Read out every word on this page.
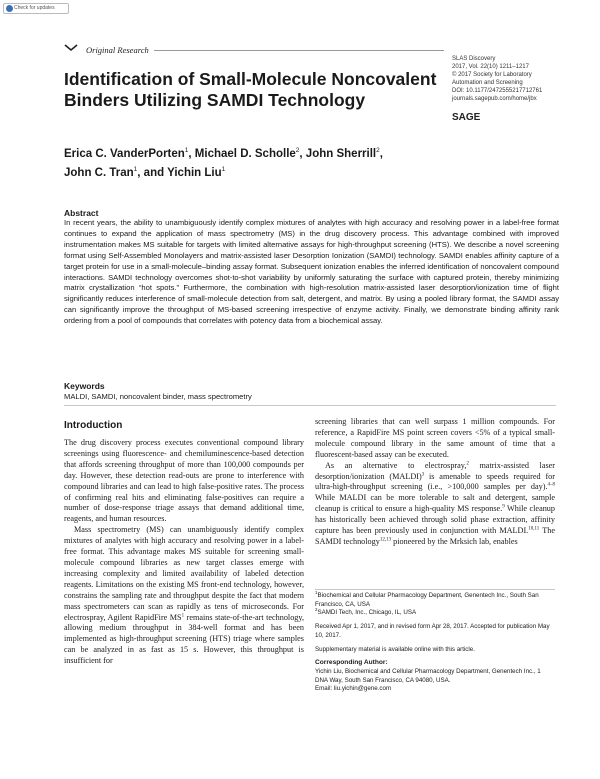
Check for updates
Original Research
Identification of Small-Molecule Noncovalent Binders Utilizing SAMDI Technology
SLAS Discovery
2017, Vol. 22(10) 1211–1217
© 2017 Society for Laboratory
Automation and Screening
DOI: 10.1177/2472555217712761
journals.sagepub.com/home/jbx
SAGE
Erica C. VanderPorten$^1$, Michael D. Scholle$^2$, John Sherrill$^2$,
John C. Tran$^1$, and Yichin Liu$^1$
Abstract
In recent years, the ability to unambiguously identify complex mixtures of analytes with high accuracy and resolving power in a label-free format continues to expand the application of mass spectrometry (MS) in the drug discovery process. This advantage combined with improved instrumentation makes MS suitable for targets with limited alternative assays for high-throughput screening (HTS). We describe a novel screening format using Self-Assembled Monolayers and matrix-assisted laser Desorption Ionization (SAMDI) technology. SAMDI enables affinity capture of a target protein for use in a small-molecule–binding assay format. Subsequent ionization enables the inferred identification of noncovalent compound interactions. SAMDI technology overcomes shot-to-shot variability by uniformly saturating the surface with captured protein, thereby minimizing matrix crystallization “hot spots.” Furthermore, the combination with high-resolution matrix-assisted laser desorption/ionization time of flight significantly reduces interference of small-molecule detection from salt, detergent, and matrix. By using a pooled library format, the SAMDI assay can significantly improve the throughput of MS-based screening irrespective of enzyme activity. Finally, we demonstrate binding affinity rank ordering from a pool of compounds that correlates with potency data from a biochemical assay.
Keywords
MALDI, SAMDI, noncovalent binder, mass spectrometry
Introduction

The drug discovery process executes conventional compound library screenings using fluorescence- and chemiluminescence-based detection that affords screening throughput of more than 100,000 compounds per day. However, these detection read-outs are prone to interference with compound libraries and can lead to high false-positive rates. The process of confirming real hits and eliminating false-positives can require a number of dose-response triage assays that demand additional time, reagents, and human resources.

Mass spectrometry (MS) can unambiguously identify complex mixtures of analytes with high accuracy and resolving power in a label-free format. This advantage makes MS suitable for screening small-molecule compound libraries as new target classes emerge with increasing complexity and limited availability of labeled detection reagents. Limitations on the existing MS front-end technology, however, constrains the sampling rate and throughput despite the fact that modern mass spectrometers can scan as rapidly as tens of microseconds. For electrospray, Agilent RapidFire $MS^1$ remains state-of-the-art technology, allowing medium throughput in 384-well format and has been implemented as high-throughput screening (HTS) triage where samples can be analyzed in as fast as 15 s. However, this throughput is insufficient for

screening libraries that can well surpass 1 million compounds. For reference, a RapidFire MS point screen covers <5% of a typical small-molecule compound library in the same amount of time that a fluorescent-based assay can be executed.

As an alternative to electrospray,$^2$ matrix-assisted laser desorption/ionization (MALDI)$^3$ is amenable to speeds required for ultra-high-throughput screening (i.e., >100,000 samples per day).$^{4-8}$ While MALDI can be more tolerable to salt and detergent, sample cleanup is critical to ensure a high-quality MS response.$^9$ While cleanup has historically been achieved through solid phase extraction, affinity capture has been previously used in conjunction with MALDI.$^{10,11}$ The SAMDI technology$^{12,13}$ pioneered by the Mrksich lab, enables

$^1$Biochemical and Cellular Pharmacology Department, Genentech Inc., South San Francisco, CA, USA

$^2$SAMDI Tech, Inc., Chicago, IL, USA

Received Apr 1, 2017, and in revised form Apr 28, 2017. Accepted for publication May 10, 2017.

Supplementary material is available online with this article.

Corresponding Author:

Yichin Liu, Biochemical and Cellular Pharmacology Department, Genentech Inc., 1 DNA Way, South San Francisco, CA 94080, USA.

Email: liu.yichin@gene.com
